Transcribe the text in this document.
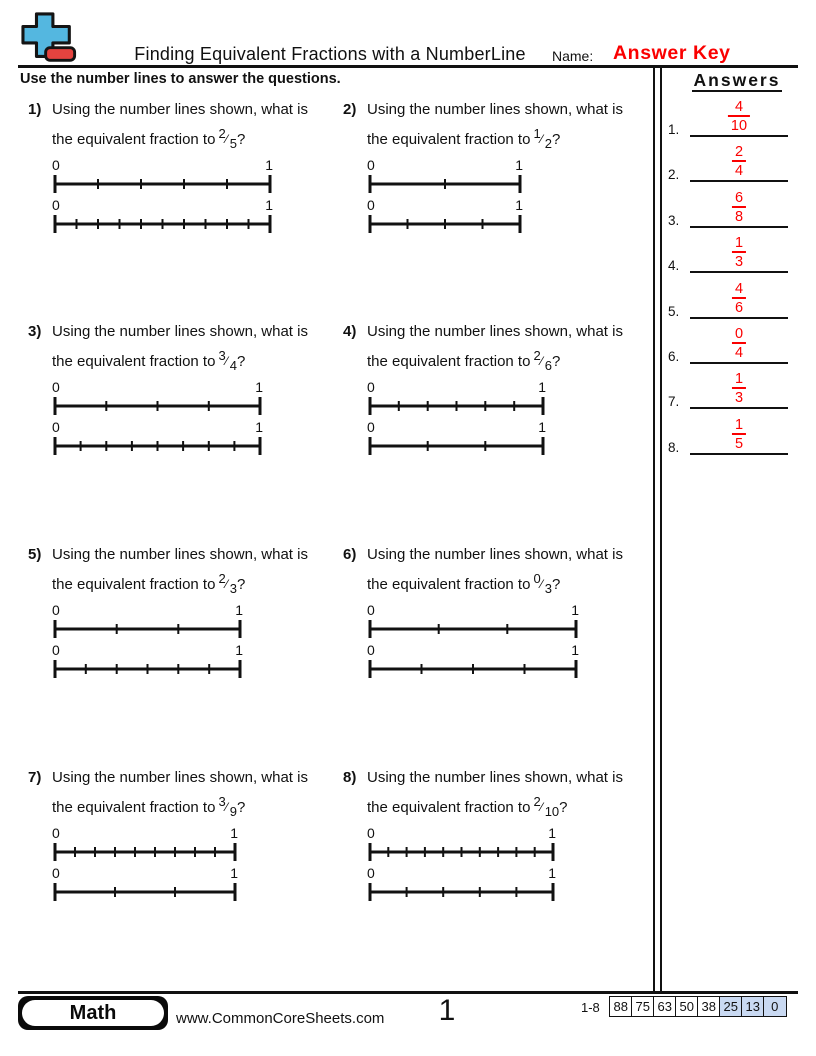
Finding Equivalent Fractions with a NumberLine	Name: Answer Key
Use the number lines to answer the questions.	Answers
1.	$\frac{4}{10}$
2.	$\frac{2}{4}$
3.	$\frac{6}{8}$
4.	$\frac{1}{3}$
5.	$\frac{4}{6}$
6.	$\frac{0}{4}$
7.	$\frac{1}{3}$
8.	$\frac{1}{5}$
1) Using the number lines shown, what is
the equivalent fraction to $^2$⁄ $_5$?
0	1
0	1
3) Using the number lines shown, what is
the equivalent fraction to $^3$⁄ $_4$?
0	1
0	1
5) Using the number lines shown, what is
the equivalent fraction to $^2$⁄ $_3$?
0	1
0	1
7) Using the number lines shown, what is
the equivalent fraction to $^3$⁄ $_9$?
0	1
0	1
2) Using the number lines shown, what is
the equivalent fraction to $^1$⁄ $_2$?
0	1
0	1
4) Using the number lines shown, what is
the equivalent fraction to $^2$⁄ $_6$?
0	1
0	1
6) Using the number lines shown, what is
the equivalent fraction to $^0$⁄ $_3$?
0	1
0	1
8) Using the number lines shown, what is
the equivalent fraction to $^2$⁄ $_{10}$?
0	1
0	1
Math	www.CommonCoreSheets.com	1	1-8	88 75 63 50 38 25 13 0
